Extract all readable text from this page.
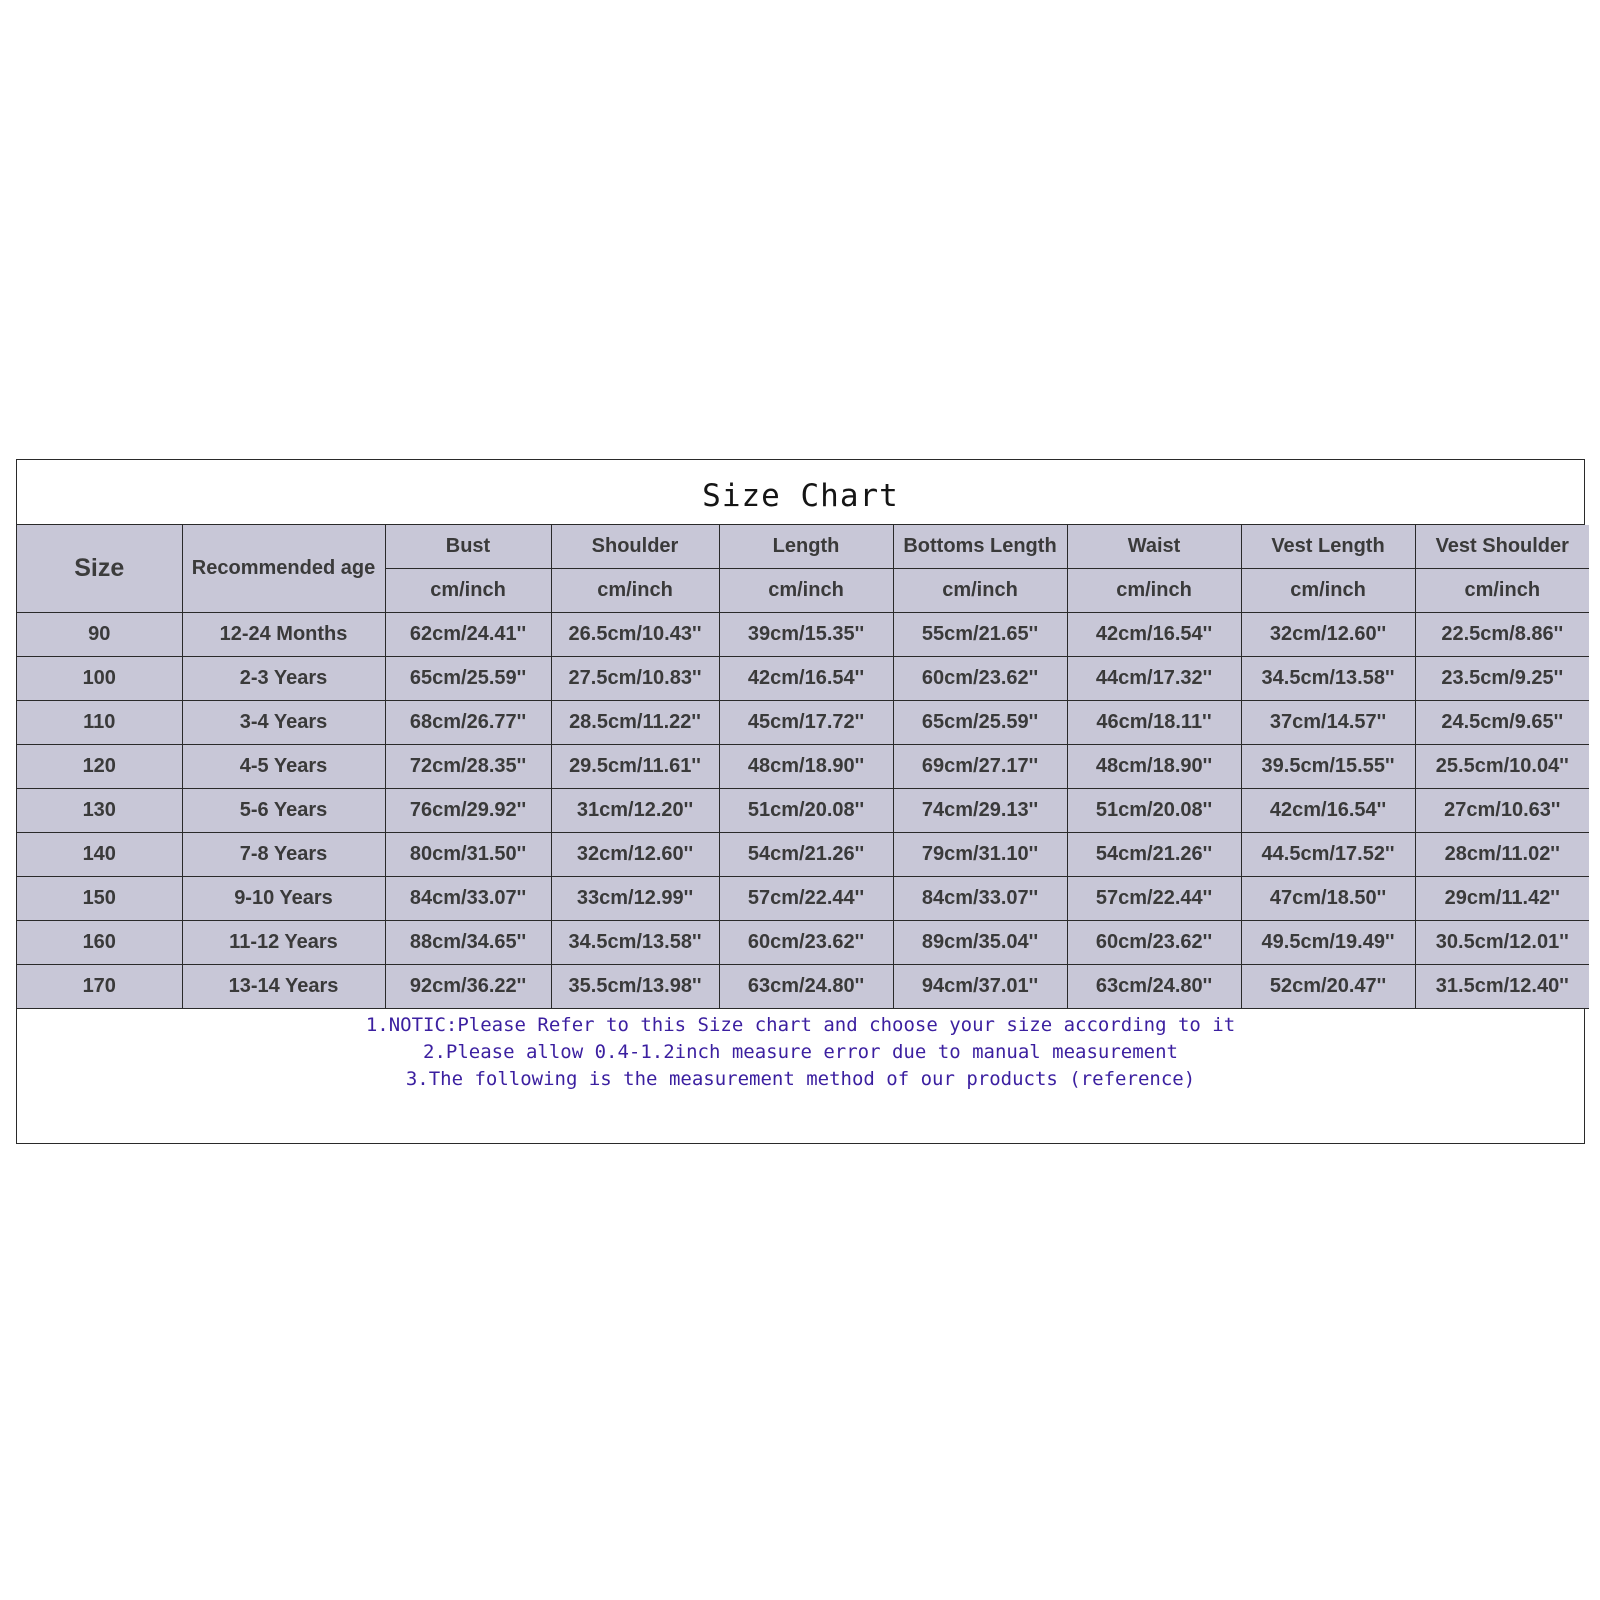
Size Chart
Size	Recommended age	Bust	Shoulder	Length	Bottoms Length	Waist	Vest Length	Vest Shoulder
		cm/inch	cm/inch	cm/inch	cm/inch	cm/inch	cm/inch	cm/inch
90	12-24 Months	62cm/24.41''	26.5cm/10.43''	39cm/15.35''	55cm/21.65''	42cm/16.54''	32cm/12.60''	22.5cm/8.86''
100	2-3 Years	65cm/25.59''	27.5cm/10.83''	42cm/16.54''	60cm/23.62''	44cm/17.32''	34.5cm/13.58''	23.5cm/9.25''
110	3-4 Years	68cm/26.77''	28.5cm/11.22''	45cm/17.72''	65cm/25.59''	46cm/18.11''	37cm/14.57''	24.5cm/9.65''
120	4-5 Years	72cm/28.35''	29.5cm/11.61''	48cm/18.90''	69cm/27.17''	48cm/18.90''	39.5cm/15.55''	25.5cm/10.04''
130	5-6 Years	76cm/29.92''	31cm/12.20''	51cm/20.08''	74cm/29.13''	51cm/20.08''	42cm/16.54''	27cm/10.63''
140	7-8 Years	80cm/31.50''	32cm/12.60''	54cm/21.26''	79cm/31.10''	54cm/21.26''	44.5cm/17.52''	28cm/11.02''
150	9-10 Years	84cm/33.07''	33cm/12.99''	57cm/22.44''	84cm/33.07''	57cm/22.44''	47cm/18.50''	29cm/11.42''
160	11-12 Years	88cm/34.65''	34.5cm/13.58''	60cm/23.62''	89cm/35.04''	60cm/23.62''	49.5cm/19.49''	30.5cm/12.01''
170	13-14 Years	92cm/36.22''	35.5cm/13.98''	63cm/24.80''	94cm/37.01''	63cm/24.80''	52cm/20.47''	31.5cm/12.40''
1.NOTIC:Please Refer to this Size chart and choose your size according to it
2.Please allow 0.4-1.2inch measure error due to manual measurement
3.The following is the measurement method of our products (reference)
